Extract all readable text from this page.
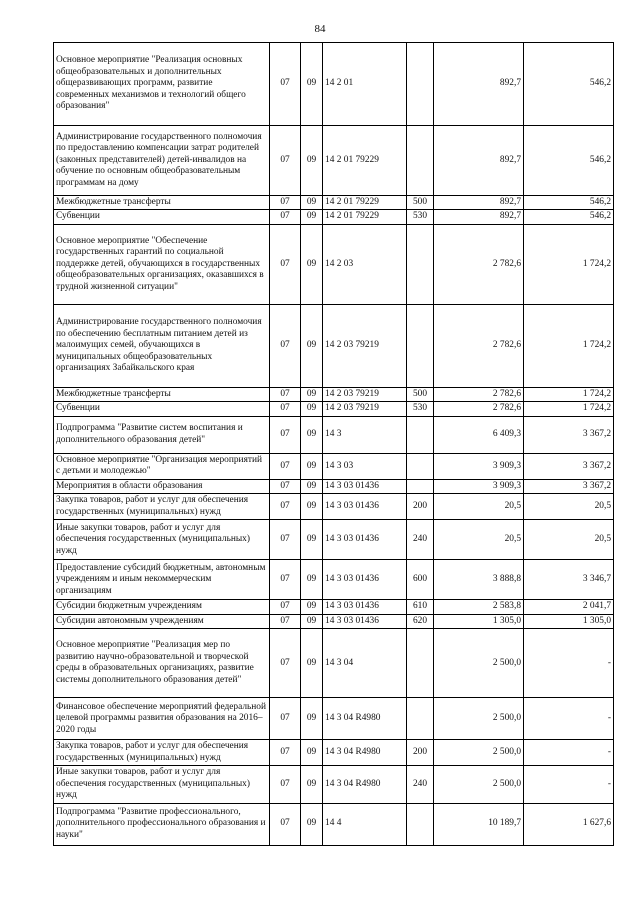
84
Основное мероприятие "Реализация основных общеобразовательных и дополнительных общеразвивающих программ, развитие современных механизмов и технологий общего образования"	07	09	14 2 01		892,7	546,2
Администрирование государственного полномочия по предоставлению компенсации затрат родителей (законных представителей) детей-инвалидов на обучение по основным общеобразовательным программам на дому	07	09	14 2 01 79229		892,7	546,2
Межбюджетные трансферты	07	09	14 2 01 79229	500	892,7	546,2
Субвенции	07	09	14 2 01 79229	530	892,7	546,2
Основное мероприятие "Обеспечение государственных гарантий по социальной поддержке детей, обучающихся в государственных общеобразовательных организациях, оказавшихся в трудной жизненной ситуации"	07	09	14 2 03		2 782,6	1 724,2
Администрирование государственного полномочия по обеспечению бесплатным питанием детей из малоимущих семей, обучающихся в муниципальных общеобразовательных организациях Забайкальского края	07	09	14 2 03 79219		2 782,6	1 724,2
Межбюджетные трансферты	07	09	14 2 03 79219	500	2 782,6	1 724,2
Субвенции	07	09	14 2 03 79219	530	2 782,6	1 724,2
Подпрограмма "Развитие систем воспитания и дополнительного образования детей"	07	09	14 3		6 409,3	3 367,2
Основное мероприятие "Организация мероприятий с детьми и молодежью"	07	09	14 3 03		3 909,3	3 367,2
Мероприятия в области образования	07	09	14 3 03 01436		3 909,3	3 367,2
Закупка товаров, работ и услуг для обеспечения государственных (муниципальных) нужд	07	09	14 3 03 01436	200	20,5	20,5
Иные закупки товаров, работ и услуг для обеспечения государственных (муниципальных) нужд	07	09	14 3 03 01436	240	20,5	20,5
Предоставление субсидий бюджетным, автономным учреждениям и иным некоммерческим организациям	07	09	14 3 03 01436	600	3 888,8	3 346,7
Субсидии бюджетным учреждениям	07	09	14 3 03 01436	610	2 583,8	2 041,7
Субсидии автономным учреждениям	07	09	14 3 03 01436	620	1 305,0	1 305,0
Основное мероприятие "Реализация мер по развитию научно-образовательной и творческой среды в образовательных организациях, развитие системы дополнительного образования детей"	07	09	14 3 04		2 500,0	-
Финансовое обеспечение мероприятий федеральной целевой программы развития образования на 2016–2020 годы	07	09	14 3 04 R4980		2 500,0	-
Закупка товаров, работ и услуг для обеспечения государственных (муниципальных) нужд	07	09	14 3 04 R4980	200	2 500,0	-
Иные закупки товаров, работ и услуг для обеспечения государственных (муниципальных) нужд	07	09	14 3 04 R4980	240	2 500,0	-
Подпрограмма "Развитие профессионального, дополнительного профессионального образования и науки"	07	09	14 4		10 189,7	1 627,6
